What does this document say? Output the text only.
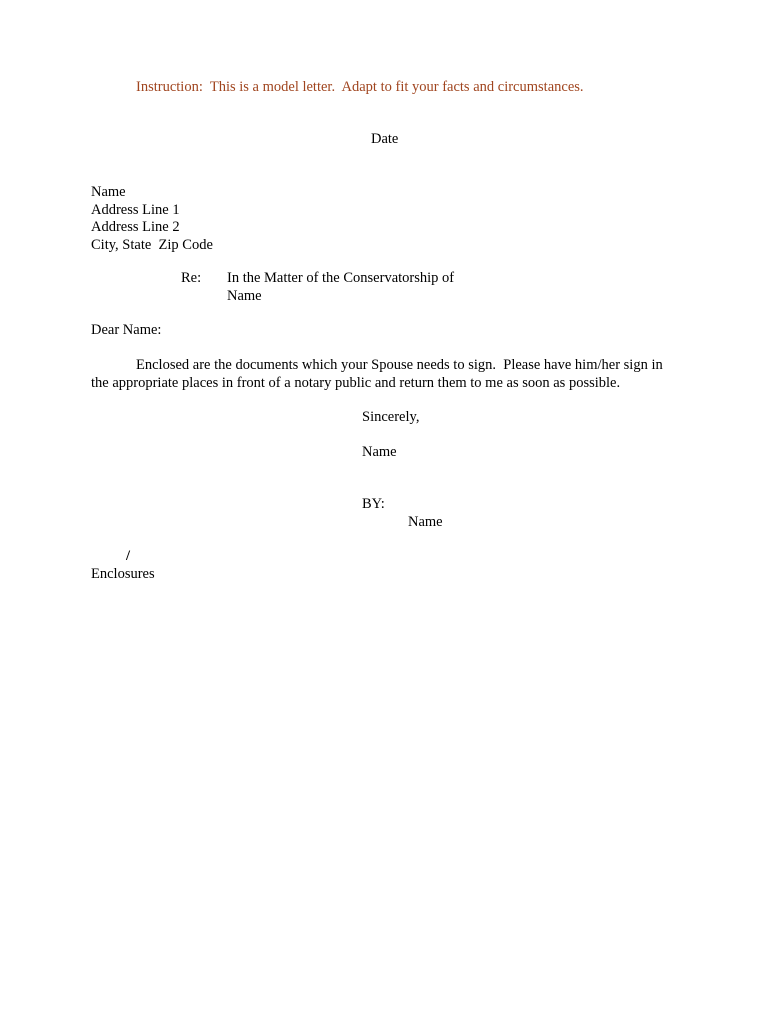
Instruction:  This is a model letter.  Adapt to fit your facts and circumstances.
Date
Name
Address Line 1
Address Line 2
City, State  Zip Code
Re: In the Matter of the Conservatorship of
Name
Dear Name:
Enclosed are the documents which your Spouse needs to sign.  Please have him/her sign in
the appropriate places in front of a notary public and return them to me as soon as possible.
Sincerely,
Name
BY:
Name
/
Enclosures
